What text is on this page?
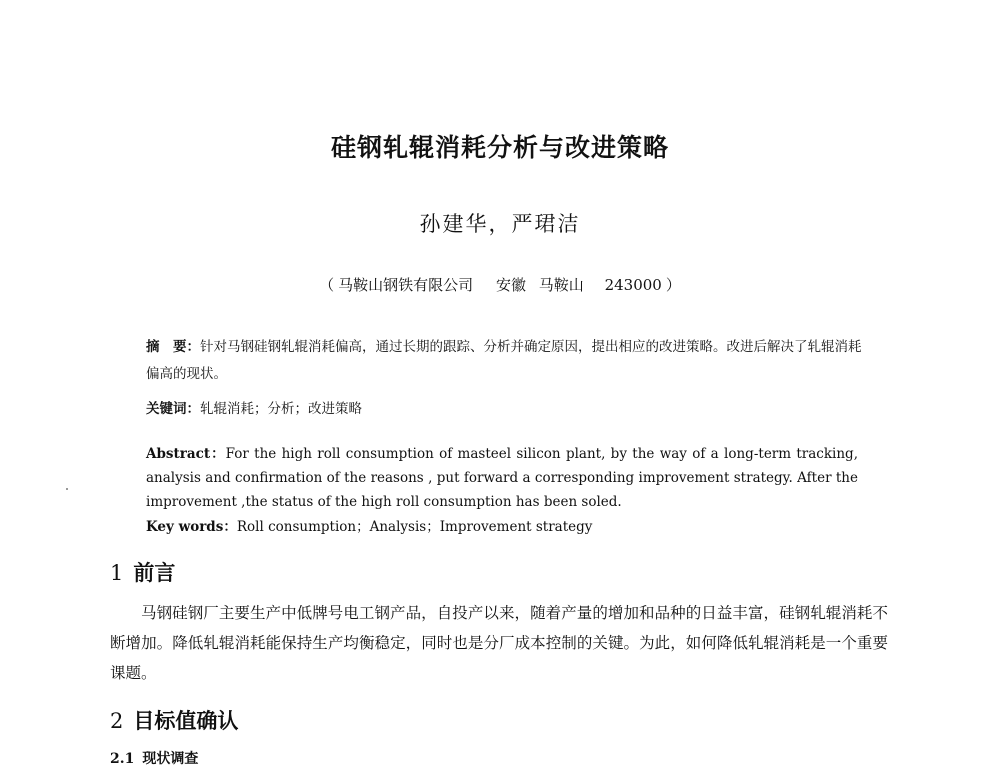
硅钢轧辊消耗分析与改进策略
孙建华，严珺洁
（ 马鞍山钢铁有限公司 安徽 马鞍山 243000 ）
摘　要：针对马钢硅钢轧辊消耗偏高，通过长期的跟踪、分析并确定原因，提出相应的改进策略。改进后解决了轧辊消耗偏高的现状。
关键词：轧辊消耗；分析；改进策略
Abstract：For the high roll consumption of masteel silicon plant, by the way of a long-term tracking, analysis and confirmation of the reasons , put forward a corresponding improvement strategy. After the improvement ,the status of the high roll consumption has been soled.
Key words：Roll consumption；Analysis；Improvement strategy
1 前言
马钢硅钢厂主要生产中低牌号电工钢产品，自投产以来，随着产量的增加和品种的日益丰富，硅钢轧辊消耗不断增加。降低轧辊消耗能保持生产均衡稳定，同时也是分厂成本控制的关键。为此，如何降低轧辊消耗是一个重要课题。
2 目标值确认
2.1 现状调查
